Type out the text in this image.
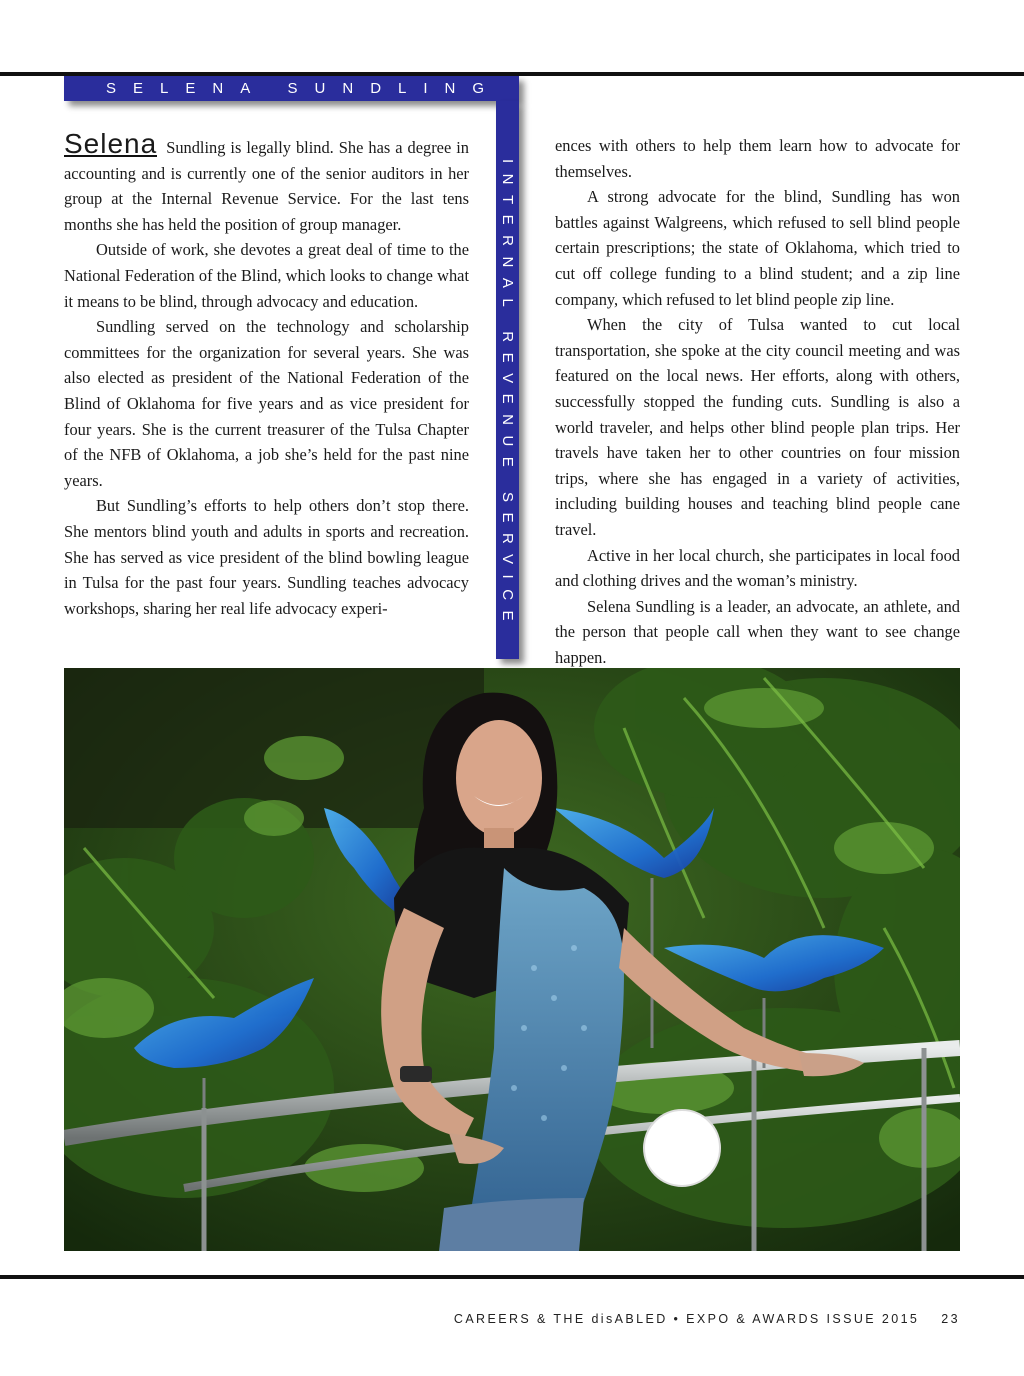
SELENA SUNDLING
INTERNAL REVENUE SERVICE

Selena Sundling is legally blind. She has a degree in accounting and is currently one of the senior auditors in her group at the Internal Revenue Service. For the last tens months she has held the position of group manager.

Outside of work, she devotes a great deal of time to the National Federation of the Blind, which looks to change what it means to be blind, through advocacy and education.

Sundling served on the technology and scholarship committees for the organization for several years. She was also elected as president of the National Federation of the Blind of Oklahoma for five years and as vice president for four years. She is the current treasurer of the Tulsa Chapter of the NFB of Oklahoma, a job she’s held for the past nine years.

But Sundling’s efforts to help others don’t stop there. She mentors blind youth and adults in sports and recreation. She has served as vice president of the blind bowling league in Tulsa for the past four years. Sundling teaches advocacy workshops, sharing her real life advocacy experi-

ences with others to help them learn how to advocate for themselves.

A strong advocate for the blind, Sundling has won battles against Walgreens, which refused to sell blind people certain prescriptions; the state of Oklahoma, which tried to cut off college funding to a blind student; and a zip line company, which refused to let blind people zip line.

When the city of Tulsa wanted to cut local transportation, she spoke at the city council meeting and was featured on the local news. Her efforts, along with others, successfully stopped the funding cuts. Sundling is also a world traveler, and helps other blind people plan trips. Her travels have taken her to other countries on four mission trips, where she has engaged in a variety of activities, including building houses and teaching blind people cane travel.

Active in her local church, she participates in local food and clothing drives and the woman’s ministry.

Selena Sundling is a leader, an advocate, an athlete, and the person that people call when they want to see change happen.

CAREERS & THE disABLED • EXPO & AWARDS ISSUE 2015 23
